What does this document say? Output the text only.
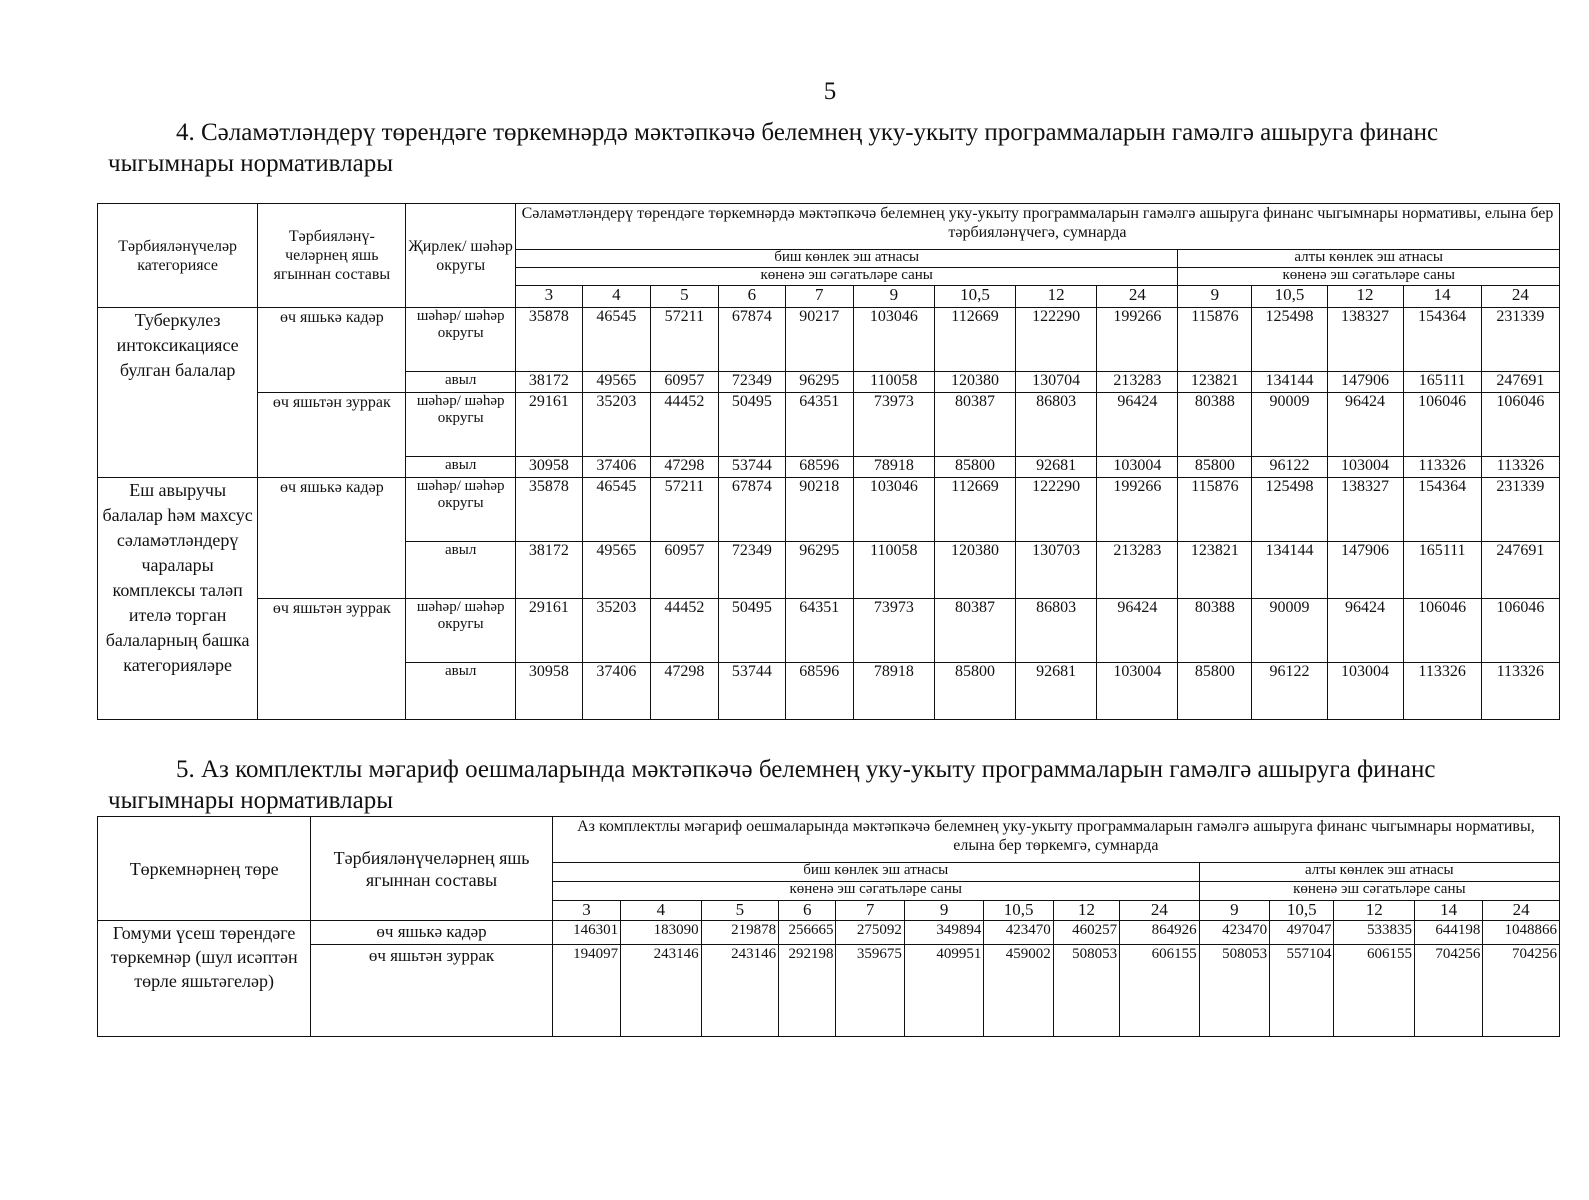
5
4. Сәламәтләндерү төрендәге төркемнәрдә мәктәпкәчә белемнең уку-укыту программаларын гамәлгә ашыруга финанс чыгымнары нормативлары
Тәрбияләнүчеләр категориясе	Тәрбияләнү-челәрнең яшь ягыннан составы	Җирлек/ шәһәр округы	Сәламәтләндерү төрендәге төркемнәрдә мәктәпкәчә белемнең уку-укыту программаларын гамәлгә ашыруга финанс чыгымнары нормативы, елына бер тәрбияләнүчегә, сумнарда													
			биш көнлек эш атнасы									алты көнлек эш атнасы				
			көненә эш сәгатьләре саны									көненә эш сәгатьләре саны				
			3	4	5	6	7	9	10,5	12	24	9	10,5	12	14	24
Туберкулез интоксикациясе булган балалар	өч яшькә кадәр	шәһәр/ шәһәр округы	35878	46545	57211	67874	90217	103046	112669	122290	199266	115876	125498	138327	154364	231339
		авыл	38172	49565	60957	72349	96295	110058	120380	130704	213283	123821	134144	147906	165111	247691
	өч яшьтән зуррак	шәһәр/ шәһәр округы	29161	35203	44452	50495	64351	73973	80387	86803	96424	80388	90009	96424	106046	106046
		авыл	30958	37406	47298	53744	68596	78918	85800	92681	103004	85800	96122	103004	113326	113326
Еш авыручы балалар һәм махсус сәламәтләндерү чаралары комплексы таләп ителә торган балаларның башка категорияләре	өч яшькә кадәр	шәһәр/ шәһәр округы	35878	46545	57211	67874	90218	103046	112669	122290	199266	115876	125498	138327	154364	231339
		авыл	38172	49565	60957	72349	96295	110058	120380	130703	213283	123821	134144	147906	165111	247691
	өч яшьтән зуррак	шәһәр/ шәһәр округы	29161	35203	44452	50495	64351	73973	80387	86803	96424	80388	90009	96424	106046	106046
		авыл	30958	37406	47298	53744	68596	78918	85800	92681	103004	85800	96122	103004	113326	113326
5. Аз комплектлы мәгариф оешмаларында мәктәпкәчә белемнең уку-укыту программаларын гамәлгә ашыруга финанс чыгымнары нормативлары
Төркемнәрнең төре	Тәрбияләнүчеләрнең яшь ягыннан составы	Аз комплектлы мәгариф оешмаларында мәктәпкәчә белемнең уку-укыту программаларын гамәлгә ашыруга финанс чыгымнары нормативы, елына бер төркемгә, сумнарда													
		биш көнлек эш атнасы									алты көнлек эш атнасы				
		көненә эш сәгатьләре саны									көненә эш сәгатьләре саны				
		3	4	5	6	7	9	10,5	12	24	9	10,5	12	14	24
Гомуми үсеш төрендәге төркемнәр (шул исәптән төрле яшьтәгеләр)	өч яшькә кадәр	146301	183090	219878	256665	275092	349894	423470	460257	864926	423470	497047	533835	644198	1048866
	өч яшьтән зуррак	194097	243146	243146	292198	359675	409951	459002	508053	606155	508053	557104	606155	704256	704256
